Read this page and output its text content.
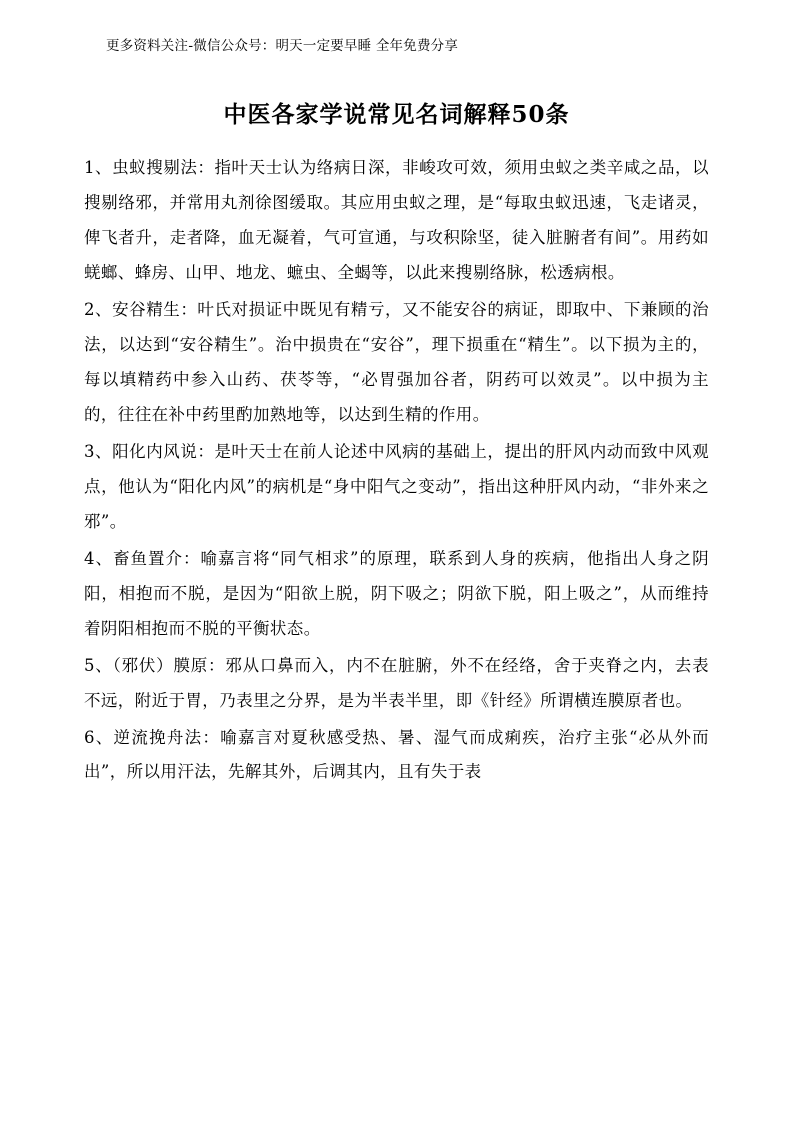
更多资料关注-微信公众号：明天一定要早睡 全年免费分享
中医各家学说常见名词解释50条

1、虫蚁搜剔法：指叶天士认为络病日深，非峻攻可效，须用虫蚁之类辛咸之品，以搜剔络邪，并常用丸剂徐图缓取。其应用虫蚁之理，是“每取虫蚁迅速，飞走诸灵，俾飞者升，走者降，血无凝着，气可宣通，与攻积除坚，徒入脏腑者有间”。用药如蜣螂、蜂房、山甲、地龙、蟅虫、全蝎等，以此来搜剔络脉，松透病根。

2、安谷精生：叶氏对损证中既见有精亏，又不能安谷的病证，即取中、下兼顾的治法，以达到“安谷精生”。治中损贵在“安谷”，理下损重在“精生”。以下损为主的，每以填精药中参入山药、茯苓等，“必胃强加谷者，阴药可以效灵”。以中损为主的，往往在补中药里酌加熟地等，以达到生精的作用。

3、阳化内风说：是叶天士在前人论述中风病的基础上，提出的肝风内动而致中风观点，他认为“阳化内风”的病机是“身中阳气之变动”，指出这种肝风内动，“非外来之邪”。

4、畜鱼置介：喻嘉言将“同气相求”的原理，联系到人身的疾病，他指出人身之阴阳，相抱而不脱，是因为“阳欲上脱，阴下吸之；阴欲下脱，阳上吸之”，从而维持着阴阳相抱而不脱的平衡状态。

5、（邪伏）膜原：邪从口鼻而入，内不在脏腑，外不在经络，舍于夹脊之内，去表不远，附近于胃，乃表里之分界，是为半表半里，即《针经》所谓横连膜原者也。

6、逆流挽舟法：喻嘉言对夏秋感受热、暑、湿气而成痢疾，治疗主张“必从外而出”，所以用汗法，先解其外，后调其内，且有失于表
